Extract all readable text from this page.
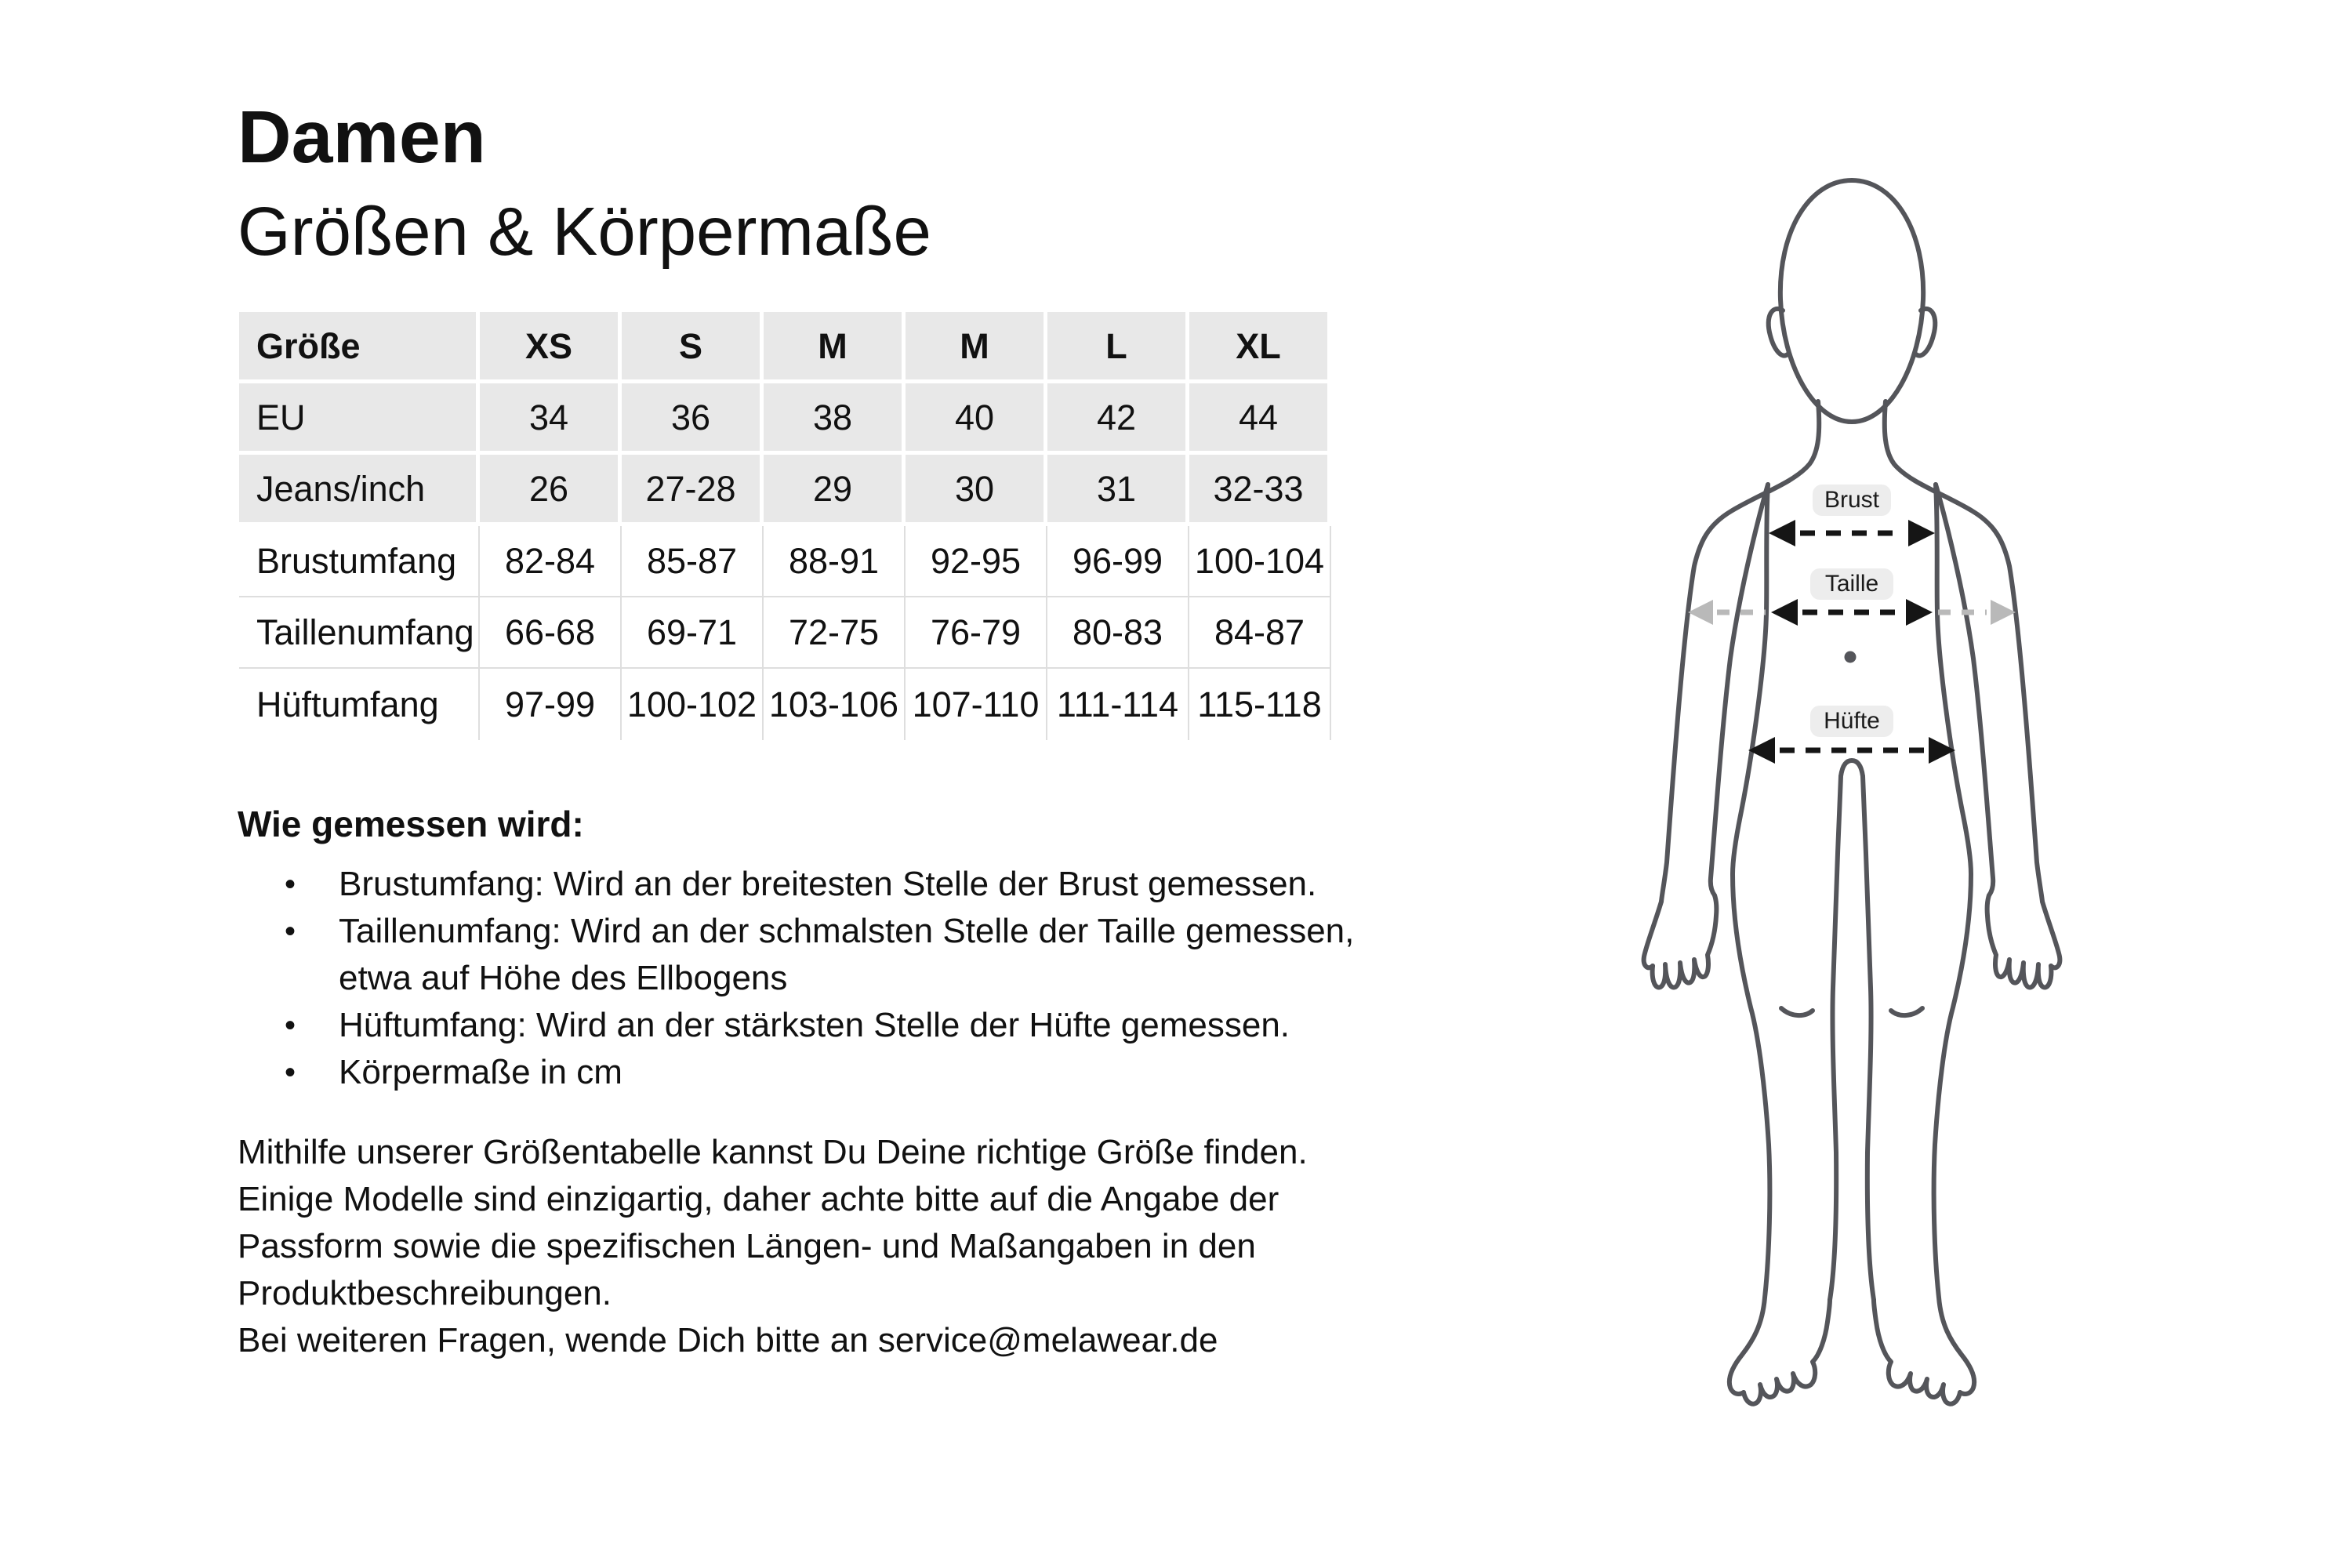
Damen
Größen & Körpermaße
Größe	XS	S	M	M	L	XL
EU	34	36	38	40	42	44
Jeans/inch	26	27-28	29	30	31	32-33
Brustumfang	82-84	85-87	88-91	92-95	96-99 100-104
Taillenumfang 66-68	69-71	72-75	76-79	80-83	84-87
Hüftumfang	97-99 100-102 103-106 107-110 111-114 115-118
Wie gemessen wird:
•	Brustumfang: Wird an der breitesten Stelle der Brust gemessen.
•	Taillenumfang: Wird an der schmalsten Stelle der Taille gemessen,
etwa auf Höhe des Ellbogens
•	Hüftumfang: Wird an der stärksten Stelle der Hüfte gemessen.
•	Körpermaße in cm
Mithilfe unserer Größentabelle kannst Du Deine richtige Größe finden.
Einige Modelle sind einzigartig, daher achte bitte auf die Angabe der
Passform sowie die spezifischen Längen- und Maßangaben in den
Produktbeschreibungen.
Bei weiteren Fragen, wende Dich bitte an service@melawear.de
Brust
Taille
Hüfte
